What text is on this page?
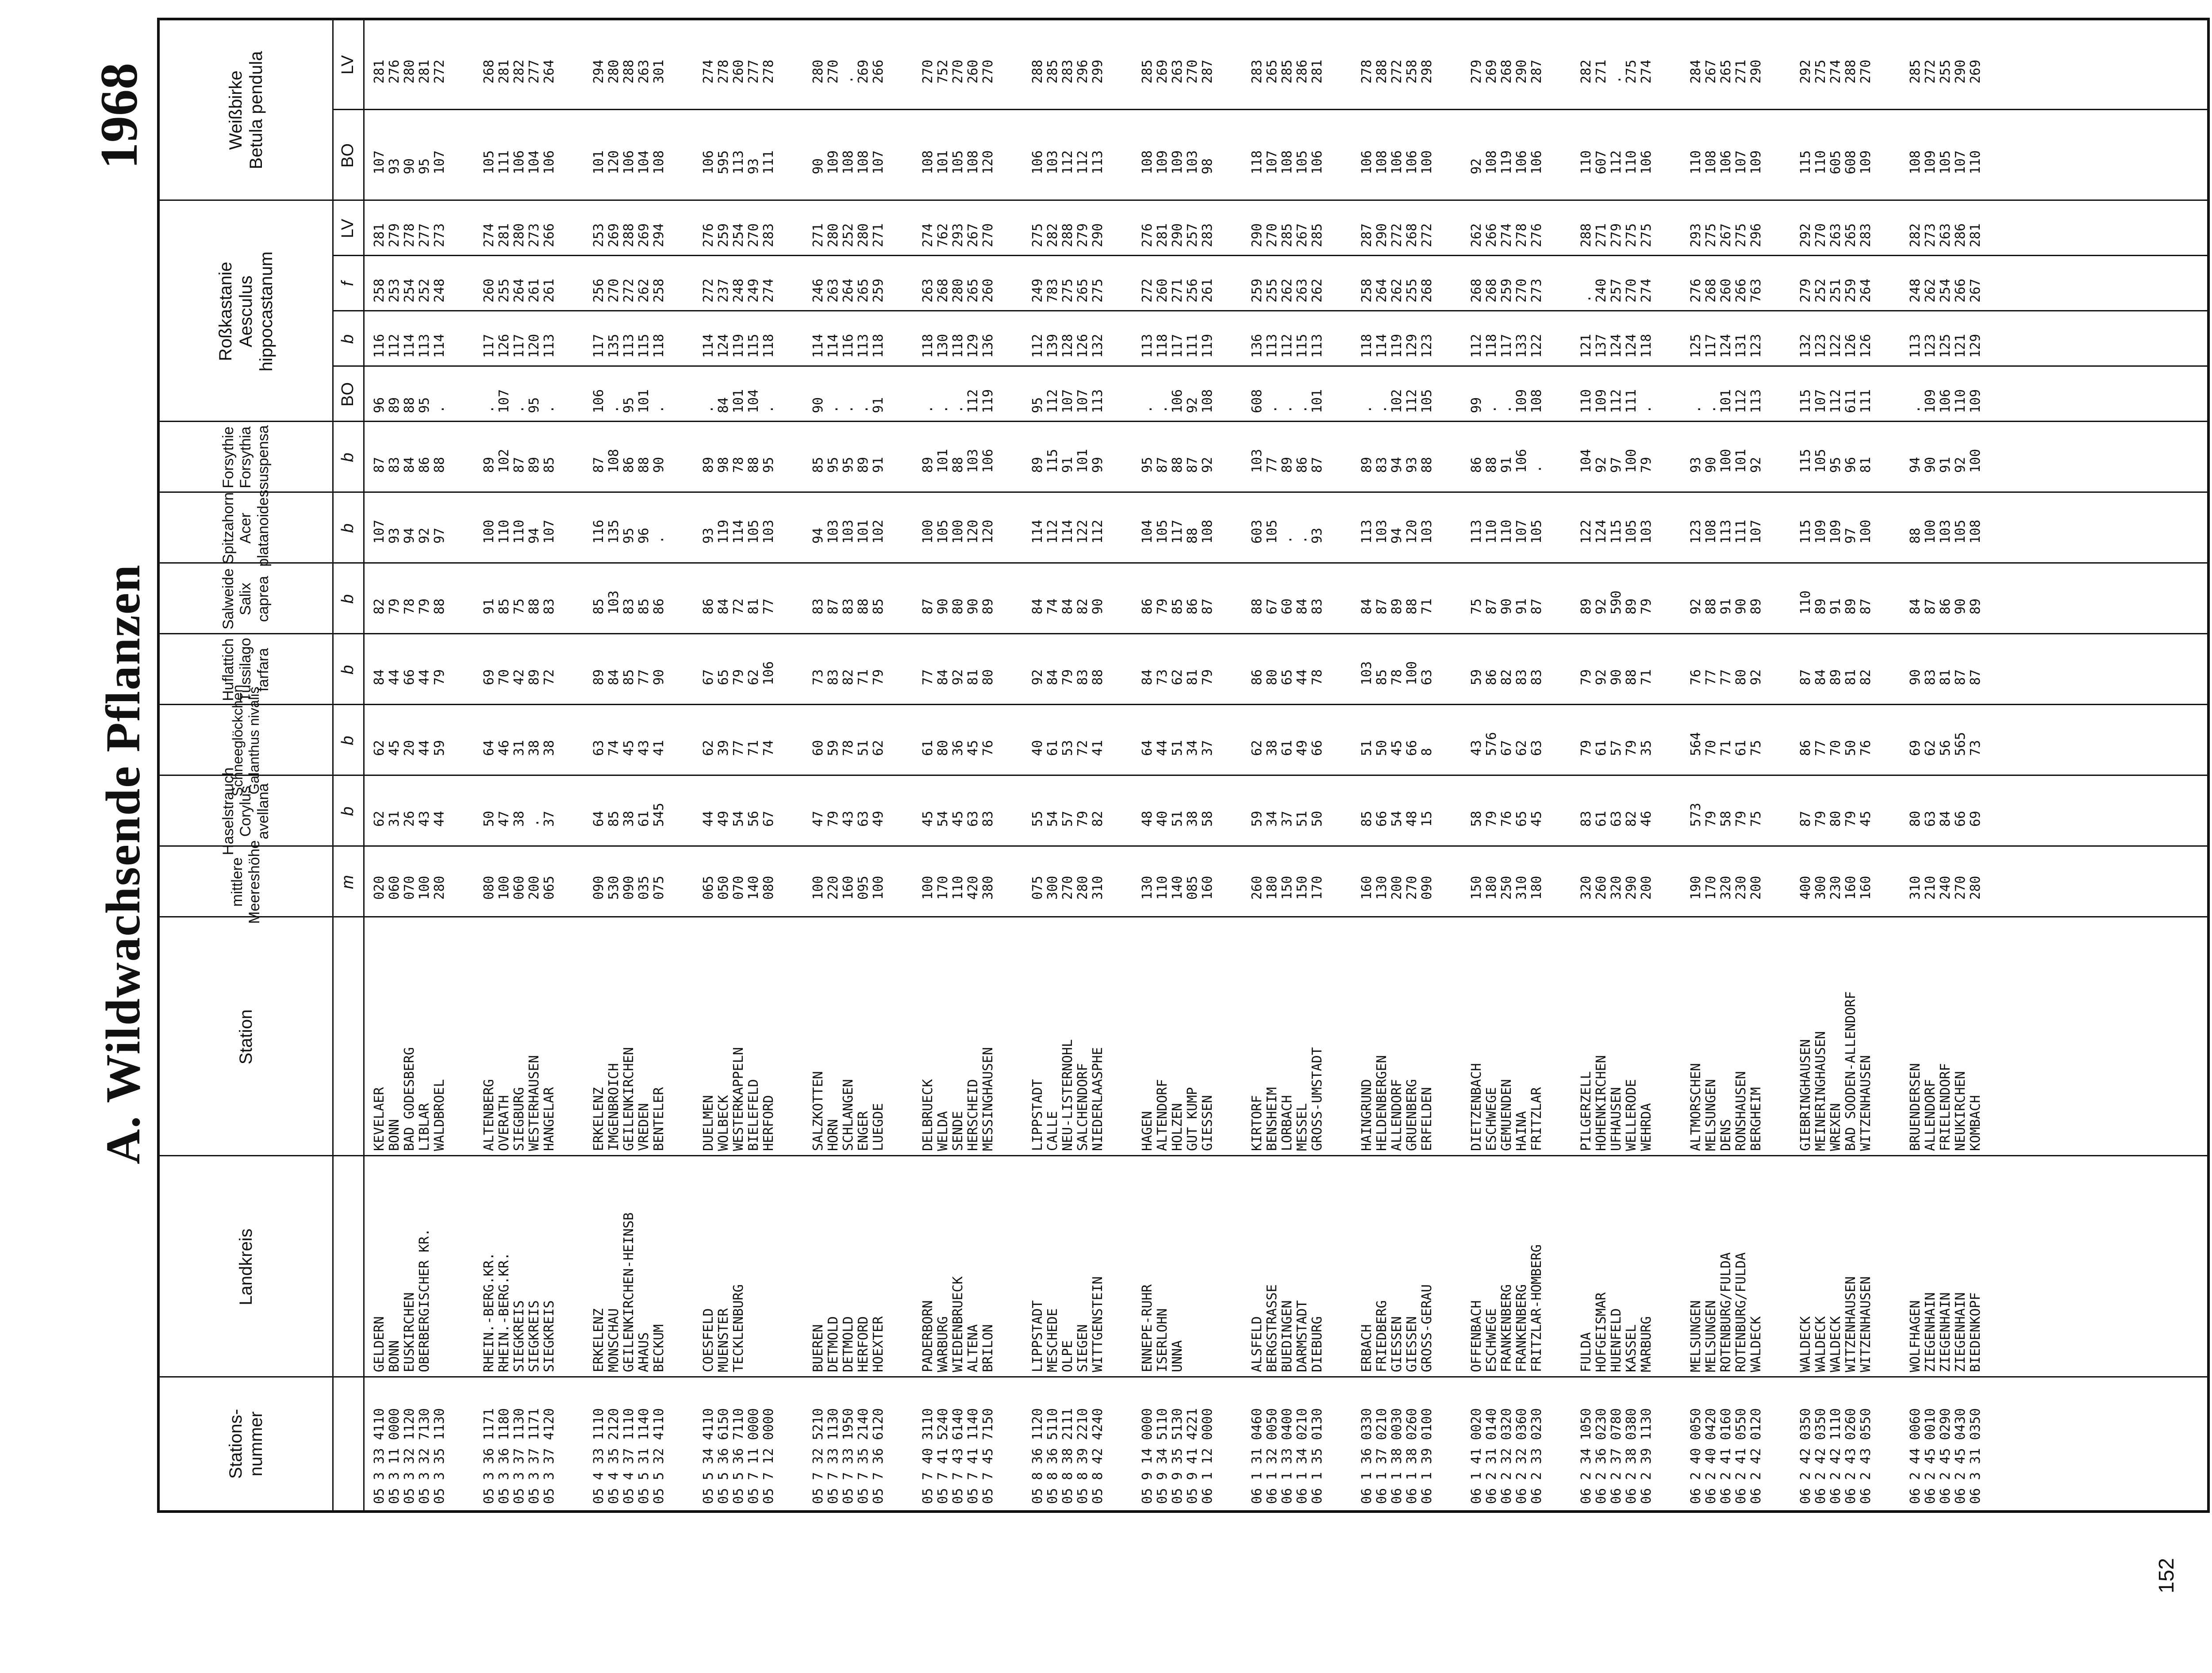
152
A. Wildwachsende Pflanzen
1968
Stations-
nummer
Landkreis
Station
mittlere
Meereshöhe
Haselstrauch
Corylus avellana
Schneeglöckchen
Galanthus nivalis
Huflattich
Tussilago farfara
Salweide
Salix caprea
Spitzahorn
Acer platanoides
Forsythie
Forsythia suspensa
Roßkastanie
Aesculus
hippocastanum
Weißbirke
Betula pendula
m
b
b
b
b
b
b
BO
b
f
LV
BO
LV
05 3 33 4110
GELDERN
KEVELAER
020
62
62
84
82
107
87
96
116
258
281
107
281
05 3 11 0000
BONN
BONN
060
31
45
44
79
93
83
89
112
253
279
93
276
05 3 32 1120
EUSKIRCHEN
BAD GODESBERG
070
26
20
66
78
94
84
88
114
254
278
90
280
05 3 32 7130
OBERBERGISCHER KR.
LIBLAR
100
43
44
44
79
92
86
95
113
252
277
95
281
05 3 35 1130
WALDBROEL
280
44
59
79
88
97
88
.
114
248
273
107
272
05 3 36 1171
RHEIN.-BERG.KR.
ALTENBERG
080
50
64
69
91
100
89
.
117
260
274
105
268
05 3 36 1180
RHEIN.-BERG.KR.
OVERATH
100
47
46
70
85
110
102
107
126
255
281
111
281
05 3 37 1130
SIEGKREIS
SIEGBURG
060
38
31
42
75
110
87
.
117
264
280
106
282
05 3 37 1171
SIEGKREIS
WESTERHAUSEN
200
.
38
89
88
94
89
95
120
261
273
104
277
05 3 37 4120
SIEGKREIS
HANGELAR
065
37
38
72
83
107
85
.
113
261
266
106
264
05 4 33 1110
ERKELENZ
ERKELENZ
090
64
63
89
85
116
87
106
117
256
253
101
294
05 4 35 2120
MONSCHAU
IMGENBROICH
530
85
74
84
103
135
108
.
135
270
269
120
280
05 4 37 1110
GEILENKIRCHEN-HEINSB
GEILENKIRCHEN
090
38
45
85
83
95
86
95
113
272
288
106
288
05 5 31 1140
AHAUS
VREDEN
035
61
43
77
85
96
88
101
115
262
269
104
263
05 5 32 4110
BECKUM
BENTELER
075
545
41
90
86
.
90
.
118
258
294
108
301
05 5 34 4110
COESFELD
DUELMEN
065
44
62
67
86
93
89
.
114
272
276
106
274
05 5 36 6150
MUENSTER
WOLBECK
050
49
39
65
84
119
98
84
124
237
259
595
278
05 5 36 7110
TECKLENBURG
WESTERKAPPELN
070
54
77
79
72
114
78
101
119
248
254
113
260
05 7 11 0000
BIELEFELD
140
56
71
62
81
105
88
104
115
249
270
93
277
05 7 12 0000
HERFORD
080
67
74
106
77
103
95
.
118
274
283
111
278
05 7 32 5210
BUEREN
SALZKOTTEN
100
47
60
73
83
94
85
90
114
246
271
90
280
05 7 33 1130
DETMOLD
HORN
220
79
59
83
87
103
95
.
114
263
280
109
270
05 7 33 1950
DETMOLD
SCHLANGEN
160
43
78
82
83
103
95
.
116
264
252
108
.
05 7 35 2140
HERFORD
ENGER
095
63
51
71
88
101
89
.
113
265
280
108
269
05 7 36 6120
HOEXTER
LUEGDE
100
49
62
79
85
102
91
91
118
259
271
107
266
05 7 40 3110
PADERBORN
DELBRUECK
100
45
61
77
87
100
89
.
118
263
274
108
270
05 7 41 5240
WARBURG
WELDA
170
54
80
84
90
105
101
.
130
268
762
101
752
05 7 43 6140
WIEDENBRUECK
SENDE
110
45
36
92
80
100
88
.
118
280
293
105
270
05 7 41 1140
ALTENA
HERSCHEID
420
63
45
81
90
120
103
112
129
265
267
108
260
05 7 45 7150
BRILON
MESSINGHAUSEN
380
83
76
80
89
120
106
119
136
260
270
120
270
05 8 36 1120
LIPPSTADT
LIPPSTADT
075
55
40
92
84
114
89
95
112
249
275
106
288
05 8 36 5110
MESCHEDE
CALLE
300
54
61
84
74
112
115
112
139
783
282
103
285
05 8 38 2111
OLPE
NEU-LISTERNOHL
270
57
53
79
84
114
91
107
128
275
288
112
283
05 8 39 2210
SIEGEN
SALCHENDORF
280
79
72
83
82
122
101
107
126
265
279
112
296
05 8 42 4240
WITTGENSTEIN
NIEDERLAASPHE
310
82
41
88
90
112
99
113
132
275
290
113
299
05 9 14 0000
ENNEPE-RUHR
HAGEN
130
48
64
84
86
104
95
.
113
272
276
108
285
05 9 34 5110
ISERLOHN
ALTENDORF
110
40
44
73
79
105
87
.
118
260
281
109
269
05 9 35 5130
UNNA
HOLZEN
140
51
51
62
85
117
88
106
117
271
290
109
263
05 9 41 4221
GUT KUMP
085
38
34
81
86
88
87
92
111
256
257
103
270
06 1 12 0000
GIESSEN
160
58
37
79
87
108
92
108
119
261
283
98
287
06 1 31 0460
ALSFELD
KIRTORF
260
59
62
86
88
603
103
608
136
259
290
118
283
06 1 32 0050
BERGSTRASSE
BENSHEIM
180
34
38
80
67
105
77
.
113
255
270
107
265
06 1 33 0400
BUEDINGEN
LORBACH
150
37
61
65
60
.
89
.
112
262
285
108
285
06 1 34 0210
DARMSTADT
MESSEL
150
51
49
44
84
.
86
.
115
263
267
105
286
06 1 35 0130
DIEBURG
GROSS-UMSTADT
170
50
66
78
83
93
87
101
113
262
285
106
281
06 1 36 0330
ERBACH
HAINGRUND
160
85
51
103
84
113
89
.
118
258
287
106
278
06 1 37 0210
FRIEDBERG
HELDENBERGEN
130
66
50
85
87
103
83
.
114
264
290
108
288
06 1 38 0030
GIESSEN
ALLENDORF
200
54
45
78
89
94
94
102
119
262
272
106
272
06 1 38 0260
GIESSEN
GRUENBERG
270
48
66
100
88
120
93
112
129
255
268
106
258
06 1 39 0100
GROSS-GERAU
ERFELDEN
090
15
8
63
71
103
88
105
123
268
272
100
298
06 1 41 0020
OFFENBACH
DIETZENBACH
150
58
43
59
75
113
86
99
112
268
262
92
279
06 2 31 0140
ESCHWEGE
ESCHWEGE
180
79
576
86
87
110
88
.
118
268
266
108
269
06 2 32 0320
FRANKENBERG
GEMUENDEN
250
76
67
82
90
110
91
.
117
259
274
119
268
06 2 32 0360
FRANKENBERG
HAINA
310
65
62
83
91
107
106
109
133
270
278
106
290
06 2 33 0230
FRITZLAR-HOMBERG
FRITZLAR
180
45
63
83
87
105
.
108
122
273
276
106
287
06 2 34 1050
FULDA
PILGERZELL
320
83
79
79
89
122
104
110
121
.
288
110
282
06 2 36 0230
HOFGEISMAR
HOHENKIRCHEN
260
61
61
92
92
124
92
109
137
240
271
607
271
06 2 37 0780
HUENFELD
UFHAUSEN
320
63
57
90
590
115
97
112
124
257
279
112
.
06 2 38 0380
KASSEL
WELLERODE
290
82
79
88
89
105
100
111
124
270
275
110
275
06 2 39 1130
MARBURG
WEHRDA
200
46
35
71
79
103
79
.
118
274
275
106
274
06 2 40 0050
MELSUNGEN
ALTMORSCHEN
190
573
564
76
92
123
93
.
125
276
293
110
284
06 2 40 0420
MELSUNGEN
MELSUNGEN
170
79
70
77
88
108
90
.
117
268
275
108
267
06 2 41 0160
ROTENBURG/FULDA
DENS
320
58
71
77
91
113
100
101
124
260
267
106
265
06 2 41 0550
ROTENBURG/FULDA
RONSHAUSEN
230
79
61
80
90
111
101
112
131
266
275
107
271
06 2 42 0120
WALDECK
BERGHEIM
200
75
75
92
89
107
92
113
123
763
296
109
290
06 2 42 0350
WALDECK
GIEBRINGHAUSEN
400
87
86
87
110
115
115
115
132
279
292
115
292
06 2 42 0350
WALDECK
MEINERINGHAUSEN
300
79
77
84
89
109
105
107
123
252
270
110
275
06 2 42 1110
WALDECK
WREXEN
230
80
70
89
91
109
95
112
122
251
263
605
274
06 2 43 0260
WITZENHAUSEN
BAD SOODEN-ALLENDORF
160
79
50
81
89
97
96
611
126
259
265
608
288
06 2 43 0550
WITZENHAUSEN
WITZENHAUSEN
160
45
76
82
87
100
81
111
126
264
283
109
270
06 2 44 0060
WOLFHAGEN
BRUENDERSEN
310
80
69
90
84
88
94
.
113
248
282
108
285
06 2 45 0010
ZIEGENHAIN
ALLENDORF
210
63
62
83
87
100
90
109
123
262
273
109
272
06 2 45 0290
ZIEGENHAIN
FRIELENDORF
240
84
56
81
86
103
91
106
125
254
263
105
255
06 2 45 0430
ZIEGENHAIN
NEUKIRCHEN
270
66
565
87
90
105
92
110
121
266
286
107
290
06 3 31 0350
BIEDENKOPF
KOMBACH
280
69
73
87
89
108
100
109
129
267
281
110
269
